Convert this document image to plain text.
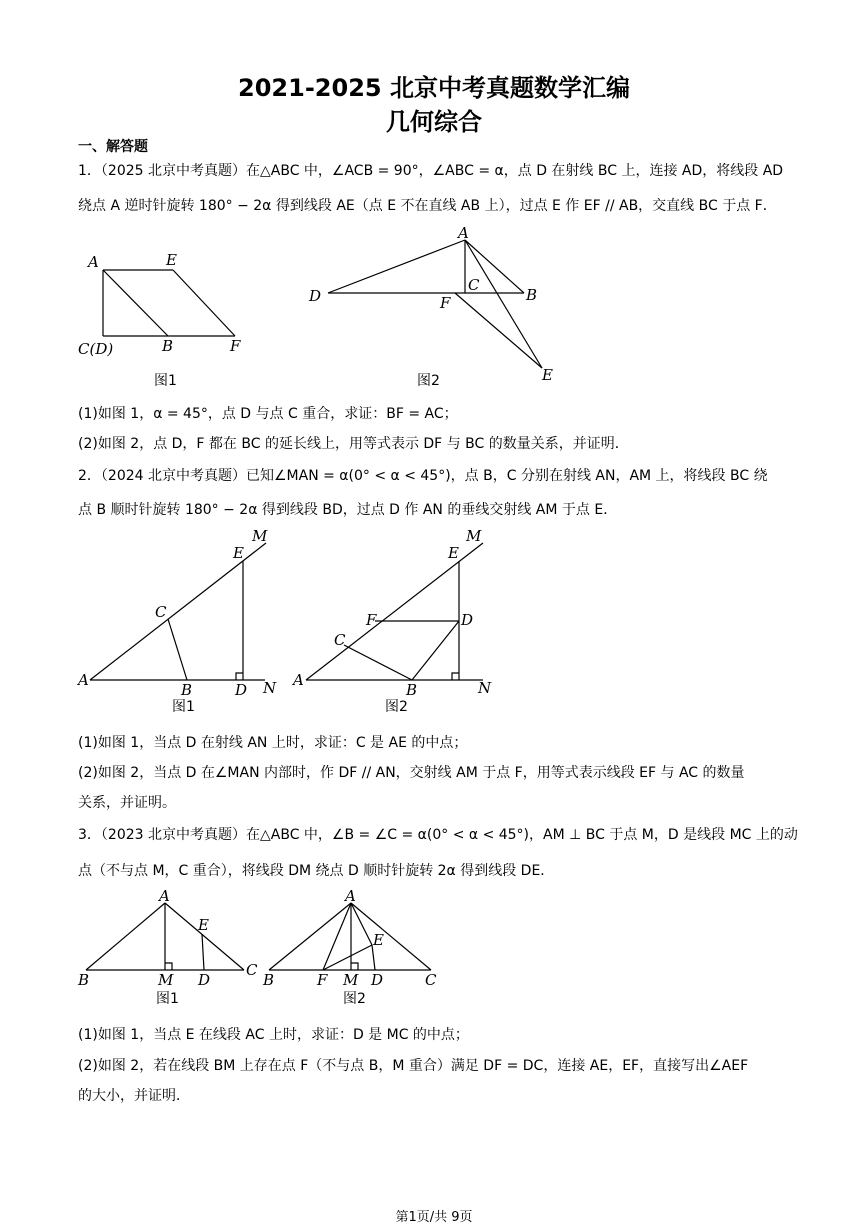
2021-2025 北京中考真题数学汇编
几何综合
一、解答题
1．（2025 北京中考真题）在△ABC 中，∠ACB = 90°，∠ABC = α，点 D 在射线 BC 上，连接 AD，将线段 AD
绕点 A 逆时针旋转 180° − 2α 得到线段 AE（点 E 不在直线 AB 上），过点 E 作 EF // AB，交直线 BC 于点 F．
A	E
C(D)	B	F
图1
A
C
B
D	F
E
图2
(1)如图 1，α = 45°，点 D 与点 C 重合，求证：BF = AC；
(2)如图 2，点 D，F 都在 BC 的延长线上，用等式表示 DF 与 BC 的数量关系，并证明．
2．（2024 北京中考真题）已知∠MAN = α(0° < α < 45°)，点 B，C 分别在射线 AN，AM 上，将线段 BC 绕
点 B 顺时针旋转 180° − 2α 得到线段 BD，过点 D 作 AN 的垂线交射线 AM 于点 E．
M
E
C
A
B	D N
图1
M
E
F	D
C
A
B	N
图2
(1)如图 1，当点 D 在射线 AN 上时，求证：C 是 AE 的中点；
(2)如图 2，当点 D 在∠MAN 内部时，作 DF // AN，交射线 AM 于点 F，用等式表示线段 EF 与 AC 的数量
关系，并证明。
3．（2023 北京中考真题）在△ABC 中，∠B = ∠C = α(0° < α < 45°)，AM ⊥ BC 于点 M，D 是线段 MC 上的动
点（不与点 M，C 重合），将线段 DM 绕点 D 顺时针旋转 2α 得到线段 DE．
A
E
B	M D
C
图1
A
E
B	F M D	C
图2
(1)如图 1，当点 E 在线段 AC 上时，求证：D 是 MC 的中点；
(2)如图 2，若在线段 BM 上存在点 F（不与点 B，M 重合）满足 DF = DC，连接 AE，EF，直接写出∠AEF
的大小，并证明．
第1页/共 9页
